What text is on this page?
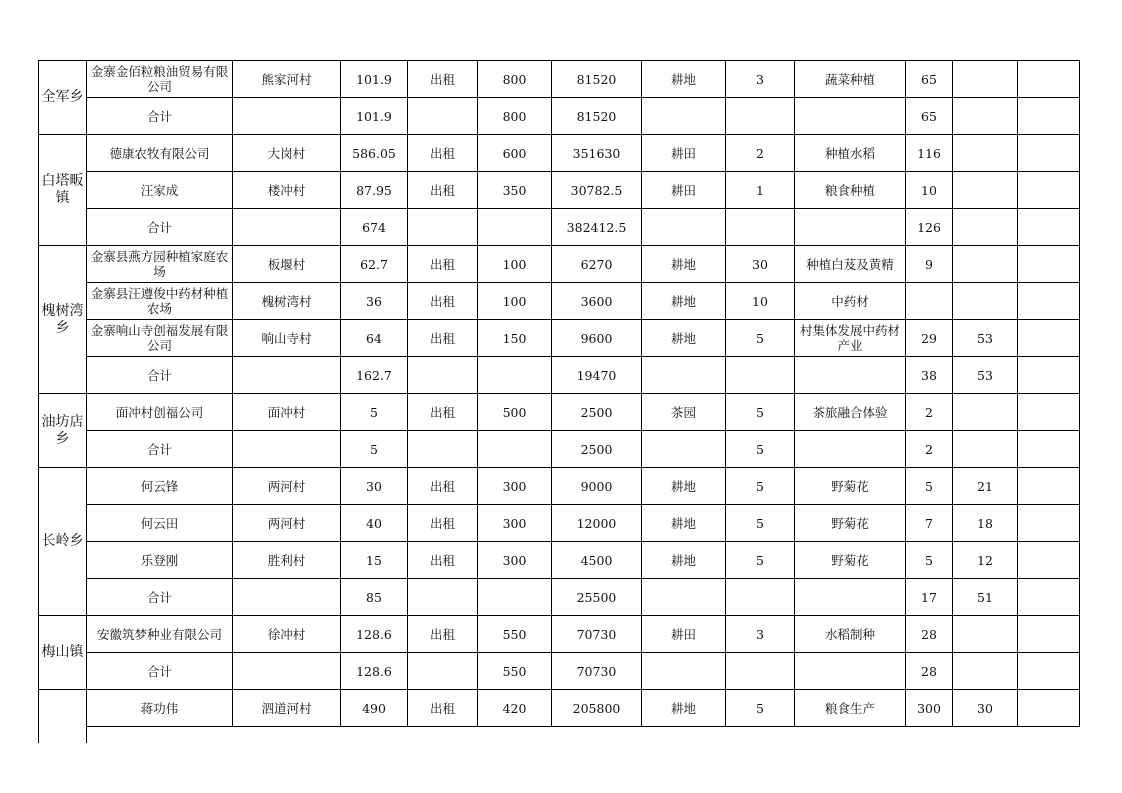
全军乡	金寨金佰粒粮油贸易有限公司	熊家河村	101.9	出租	800	81520	耕地	3	蔬菜种植	65		
	合计		101.9		800	81520				65		
白塔畈镇	德康农牧有限公司	大岗村	586.05	出租	600	351630	耕田	2	种植水稻	116		
	汪家成	楼冲村	87.95	出租	350	30782.5	耕田	1	粮食种植	10		
	合计		674			382412.5				126		
槐树湾乡	金寨县燕方园种植家庭农场	板堰村	62.7	出租	100	6270	耕地	30	种植白芨及黄精	9		
	金寨县汪遵俊中药材种植农场	槐树湾村	36	出租	100	3600	耕地	10	中药材			
	金寨响山寺创福发展有限公司	响山寺村	64	出租	150	9600	耕地	5	村集体发展中药材产业	29	53	
	合计		162.7			19470				38	53	
油坊店乡	面冲村创福公司	面冲村	5	出租	500	2500	茶园	5	茶旅融合体验	2		
	合计		5			2500		5		2		
长岭乡	何云锋	两河村	30	出租	300	9000	耕地	5	野菊花	5	21	
	何云田	两河村	40	出租	300	12000	耕地	5	野菊花	7	18	
	乐登刚	胜利村	15	出租	300	4500	耕地	5	野菊花	5	12	
	合计		85			25500				17	51	
梅山镇	安徽筑梦种业有限公司	徐冲村	128.6	出租	550	70730	耕田	3	水稻制种	28		
	合计		128.6		550	70730				28		
	蒋功伟	泗道河村	490	出租	420	205800	耕地	5	粮食生产	300	30	
